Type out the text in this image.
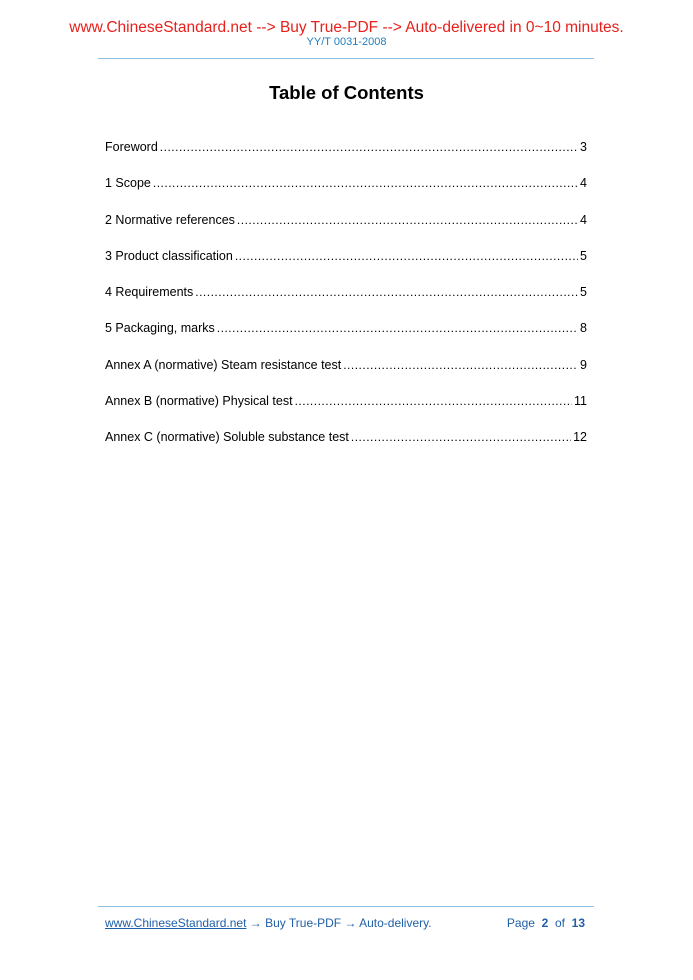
www.ChineseStandard.net --> Buy True-PDF --> Auto-delivered in 0~10 minutes.
YY/T 0031-2008
Table of Contents
Foreword .....	3
1 Scope .....	4
2 Normative references .....	4
3 Product classification .....	5
4 Requirements .....	5
5 Packaging, marks .....	8
Annex A (normative) Steam resistance test .....	9
Annex B (normative) Physical test .....	11
Annex C (normative) Soluble substance test .....	12
www.ChineseStandard.net → Buy True-PDF → Auto-delivery.	Page 2 of 13
